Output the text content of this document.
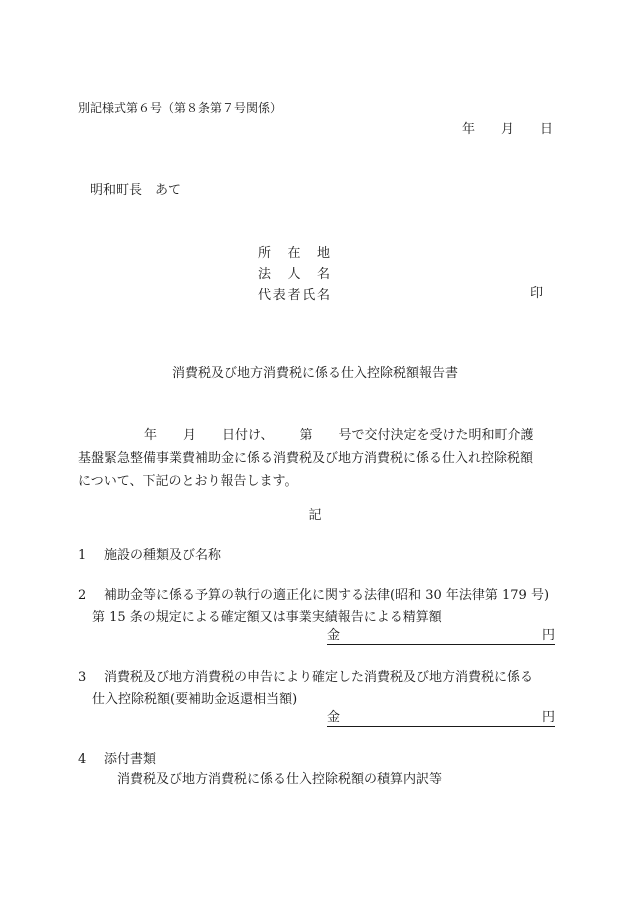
別記様式第６号（第８条第７号関係）
年 月 日
明和町長　あて
所在地
法人名
代表者氏名	印
消費税及び地方消費税に係る仕入控除税額報告書
年 月 日付け、 第 号で交付決定を受けた明和町介護
基盤緊急整備事業費補助金に係る消費税及び地方消費税に係る仕入れ控除税額
について、下記のとおり報告します。
記
1 施設の種類及び名称
2 補助金等に係る予算の執行の適正化に関する法律(昭和 30 年法律第 179 号)
第 15 条の規定による確定額又は事業実績報告による精算額
金	円
3 消費税及び地方消費税の申告により確定した消費税及び地方消費税に係る
仕入控除税額(要補助金返還相当額)
金	円
4 添付書類
消費税及び地方消費税に係る仕入控除税額の積算内訳等
